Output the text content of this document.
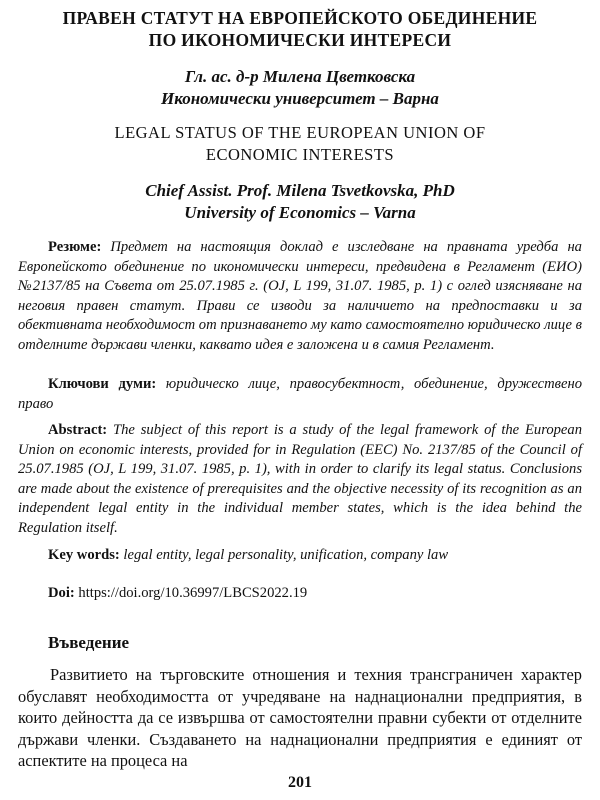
ПРАВЕН СТАТУТ НА ЕВРОПЕЙСКОТО ОБЕДИНЕНИЕ
ПО ИКОНОМИЧЕСКИ ИНТЕРЕСИ
Гл. ас. д-р Милена Цветковска
Икономически университет – Варна
LEGAL STATUS OF THE EUROPEAN UNION OF
ECONOMIC INTERESTS
Chief Assist. Prof. Milena Tsvetkovska, PhD
University of Economics – Varna
Резюме: Предмет на настоящия доклад е изследване на правната уредба на Европейското обединение по икономически интереси, предвидена в Регламент (ЕИО) №2137/85 на Съвета от 25.07.1985 г. (OJ, L 199, 31.07. 1985, p. 1) с оглед изясняване на неговия правен статут. Прави се изводи за наличието на предпоставки и за обективната необходимост от признаването му като самостоятелно юридическо лице в отделните държави членки, каквато идея е заложена и в самия Регламент.
Ключови думи: юридическо лице, правосубектност, обединение, дружествено право
Abstract: The subject of this report is a study of the legal framework of the European Union on economic interests, provided for in Regulation (EEC) No. 2137/85 of the Council of 25.07.1985 (OJ, L 199, 31.07. 1985, p. 1), with in order to clarify its legal status. Conclusions are made about the existence of prerequisites and the objective necessity of its recognition as an independent legal entity in the individual member states, which is the idea behind the Regulation itself.
Key words: legal entity, legal personality, unification, company law
Doi: https://doi.org/10.36997/LBCS2022.19
Въведение
Развитието на търговските отношения и техния трансграничен характер обуславят необходимостта от учредяване на наднационални предприятия, в които дейността да се извършва от самостоятелни правни субекти от отделните държави членки. Създаването на наднационални предприятия е единият от аспектите на процеса на
201
